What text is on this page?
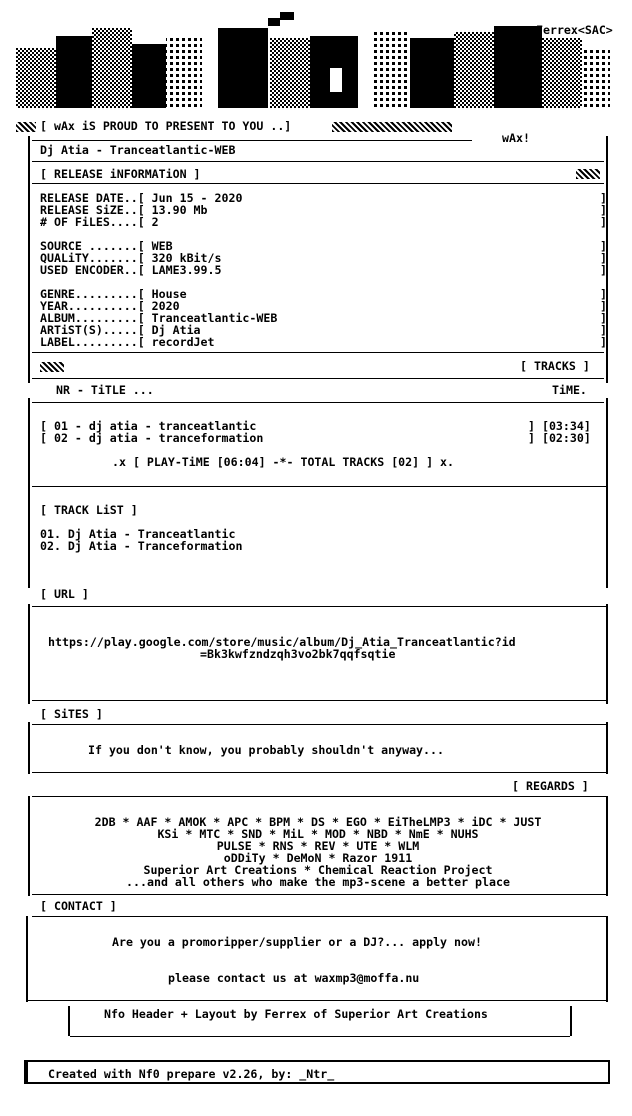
Ferrex<SAC>
[ wAx iS PROUD TO PRESENT TO YOU ..]
wAx!
Dj Atia - Tranceatlantic-WEB
[ RELEASE iNFORMATiON ]
RELEASE DATE..[ Jun 15 - 2020
RELEASE SiZE..[ 13.90 Mb
# OF FiLES....[ 2
SOURCE .......[ WEB
QUALiTY.......[ 320 kBit/s
USED ENCODER..[ LAME3.99.5
GENRE.........[ House
YEAR..........[ 2020
ALBUM.........[ Tranceatlantic-WEB
ARTiST(S).....[ Dj Atia
LABEL.........[ recordJet
]
]
]
]
]
]
]
]
]
]
]
[ TRACKS ]
NR - TiTLE ...	TiME.
[ 01 - dj atia - tranceatlantic	] [03:34]
[ 02 - dj atia - tranceformation	] [02:30]
.x [ PLAY-TiME [06:04] -*- TOTAL TRACKS [02] ] x.
[ TRACK LiST ]
01. Dj Atia - Tranceatlantic
02. Dj Atia - Tranceformation
[ URL ]
https://play.google.com/store/music/album/Dj_Atia_Tranceatlantic?id
=Bk3kwfzndzqh3vo2bk7qqfsqtie
[ SiTES ]
If you don't know, you probably shouldn't anyway...
[ REGARDS ]
2DB * AAF * AMOK * APC * BPM * DS * EGO * EiTheLMP3 * iDC * JUST
KSi * MTC * SND * MiL * MOD * NBD * NmE * NUHS
PULSE * RNS * REV * UTE * WLM
oDDiTy * DeMoN * Razor 1911
Superior Art Creations * Chemical Reaction Project
...and all others who make the mp3-scene a better place
[ CONTACT ]
Are you a promoripper/supplier or a DJ?... apply now!
please contact us at waxmp3@moffa.nu
Nfo Header + Layout by Ferrex of Superior Art Creations
Created with Nf0 prepare v2.26, by: _Ntr_
